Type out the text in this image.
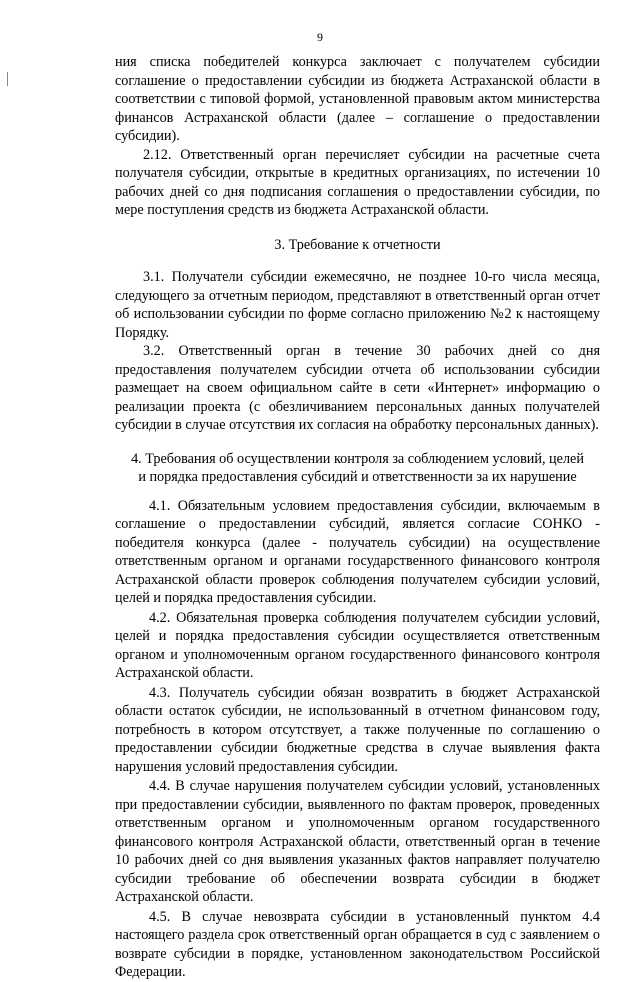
9

ния списка победителей конкурса заключает с получателем субсидии соглашение о предоставлении субсидии из бюджета Астраханской области в соответствии с типовой формой, установленной правовым актом министерства финансов Астраханской области (далее – соглашение о предоставлении субсидии).

2.12. Ответственный орган перечисляет субсидии на расчетные счета получателя субсидии, открытые в кредитных организациях, по истечении 10 рабочих дней со дня подписания соглашения о предоставлении субсидии, по мере поступления средств из бюджета Астраханской области.

3. Требование к отчетности

3.1. Получатели субсидии ежемесячно, не позднее 10-го числа месяца, следующего за отчетным периодом, представляют в ответственный орган отчет об использовании субсидии по форме согласно приложению №2 к настоящему Порядку.

3.2. Ответственный орган в течение 30 рабочих дней со дня предоставления получателем субсидии отчета об использовании субсидии размещает на своем официальном сайте в сети «Интернет» информацию о реализации проекта (с обезличиванием персональных данных получателей субсидии в случае отсутствия их согласия на обработку персональных данных).

4. Требования об осуществлении контроля за соблюдением условий, целей
и порядка предоставления субсидий и ответственности за их нарушение

4.1. Обязательным условием предоставления субсидии, включаемым в соглашение о предоставлении субсидий, является согласие СОНКО - победителя конкурса (далее - получатель субсидии) на осуществление ответственным органом и органами государственного финансового контроля Астраханской области проверок соблюдения получателем субсидии условий, целей и порядка предоставления субсидии.

4.2. Обязательная проверка соблюдения получателем субсидии условий, целей и порядка предоставления субсидии осуществляется ответственным органом и уполномоченным органом государственного финансового контроля Астраханской области.

4.3. Получатель субсидии обязан возвратить в бюджет Астраханской области остаток субсидии, не использованный в отчетном финансовом году, потребность в котором отсутствует, а также полученные по соглашению о предоставлении субсидии бюджетные средства в случае выявления факта нарушения условий предоставления субсидии.

4.4. В случае нарушения получателем субсидии условий, установленных при предоставлении субсидии, выявленного по фактам проверок, проведенных ответственным органом и уполномоченным органом государственного финансового контроля Астраханской области, ответственный орган в течение 10 рабочих дней со дня выявления указанных фактов направляет получателю субсидии требование об обеспечении возврата субсидии в бюджет Астраханской области.

4.5. В случае невозврата субсидии в установленный пунктом 4.4 настоящего раздела срок ответственный орган обращается в суд с заявлением о возврате субсидии в порядке, установленном законодательством Российской Федерации.
